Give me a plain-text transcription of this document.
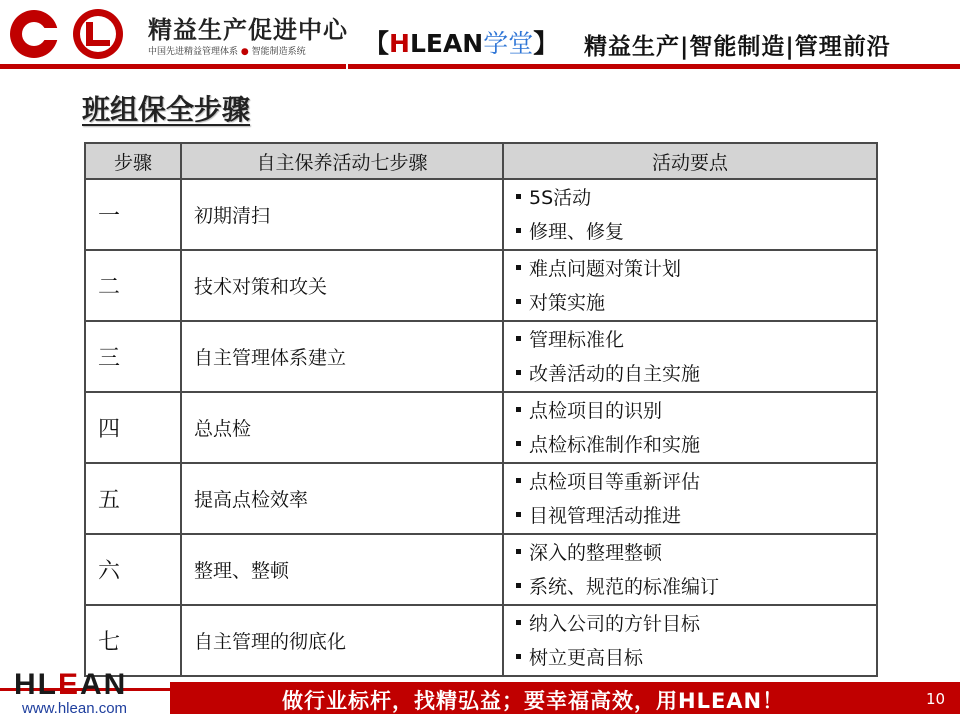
精益生产促进中心
中国先进精益管理体系 ● 智能制造系统 【HLEAN学堂】 精益生产|智能制造|管理前沿
班组保全步骤
步骤	自主保养活动七步骤	活动要点
一	初期清扫	5S活动
修理、修复

二	技术对策和攻关	难点问题对策计划
对策实施

三	自主管理体系建立	管理标准化
改善活动的自主实施

四	总点检	点检项目的识别
点检标准制作和实施

五	提高点检效率	点检项目等重新评估
目视管理活动推进

六	整理、整顿	深入的整理整顿
系统、规范的标准编订

七	自主管理的彻底化	纳入公司的方针目标
树立更高目标
HLEAN
www.hlean.com	做行业标杆，找精弘益；要幸福高效，用HLEAN！	10
